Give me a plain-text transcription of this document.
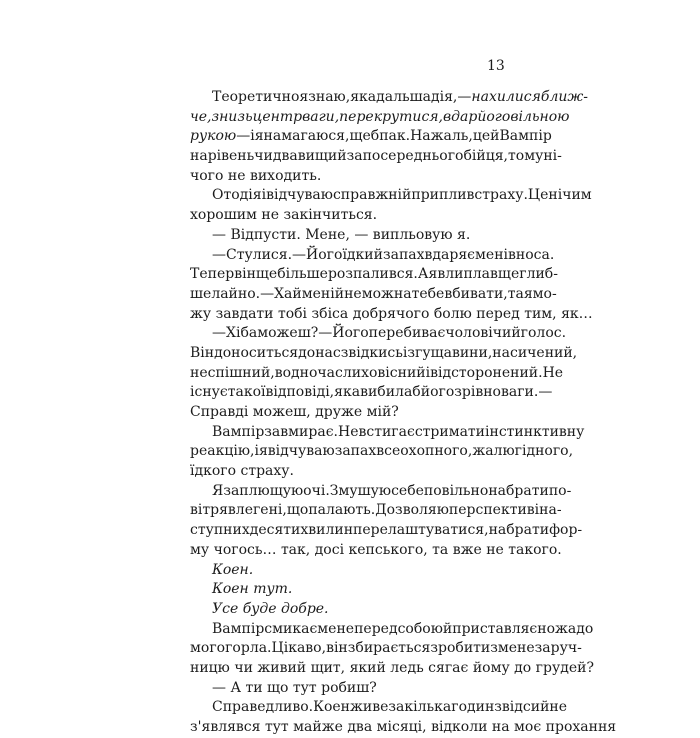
13
Теоретично я знаю, яка дальша дія, — нахилися ближ-
че, знизь центр ваги, перекрутися, вдар його вільною
рукою — і я намагаюся, ще б пак. На жаль, цей Вампір
на рівень чи два вищий за посереднього бійця, тому ні-
чого не виходить.
Отоді я і відчуваю справжній приплив страху. Це нічим
хорошим не закінчиться.
— Відпусти. Мене, — випльовую я.
— Стулися. — Його їдкий запах вдаряє мені в носа.
Тепер він ще більше розпалився. А я влипла в ще глиб-
ше лайно. — Хай мені й не можна тебе вбивати, та я мо-
жу завдати тобі збіса добрячого болю перед тим, як…
— Хіба можеш? — Його перебиває чоловічий голос.
Він доноситься до нас звідкись із гущавини, насичений,
неспішний, водночас лиховісний і відсторонений. Не
існує такої відповіді, яка вибила б його з рівноваги. —
Справді можеш, друже мій?
Вампір завмирає. Не встигає стримати інстинктивну
реакцію, і я відчуваю запах всеохопного, жалюгідного,
їдкого страху.
Я заплющую очі. Змушую себе повільно набрати по-
вітря в легені, що палають. Дозволяю перспективі на-
ступних десяти хвилин перелаштуватися, набрати фор-
му чогось… так, досі кепського, та вже не такого.
Коен.
Коен тут.
Усе буде добре.
Вампір смикає мене перед собою й приставляє ножа до
мого горла. Цікаво, він збирається зробити з мене заруч-
ницю чи живий щит, який ледь сягає йому до грудей?
— А ти що тут робиш?
Справедливо. Коен живе за кілька годин звідси й не
з'являвся тут майже два місяці, відколи на моє прохання
